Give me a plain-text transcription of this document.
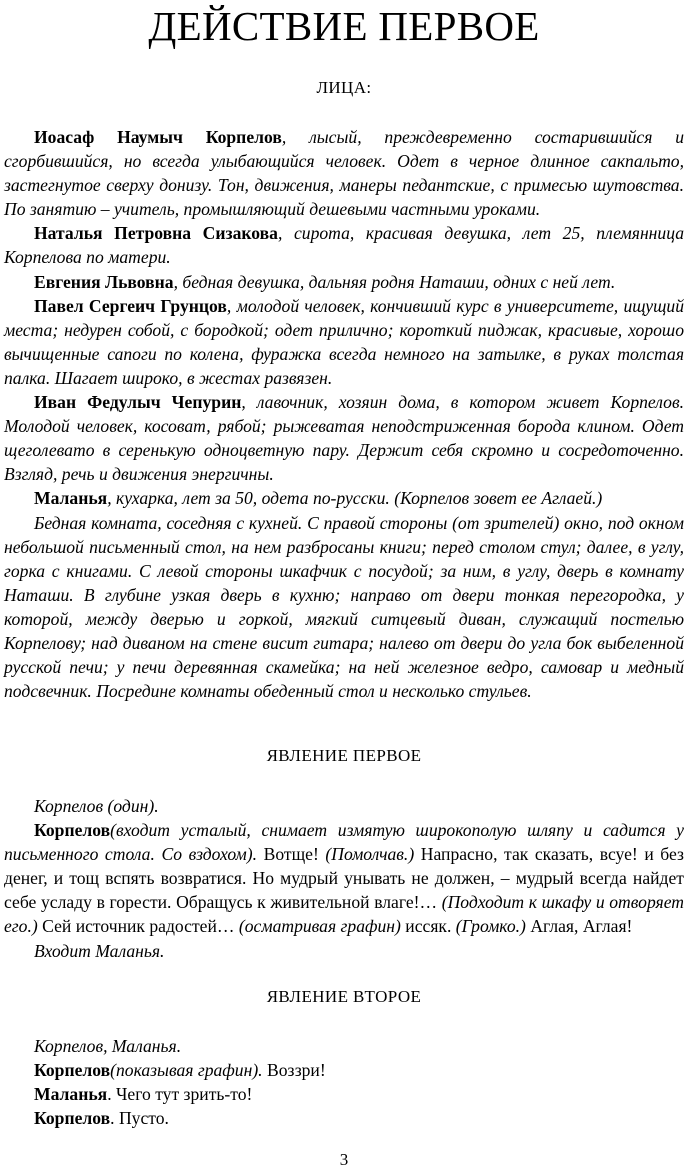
ДЕЙСТВИЕ ПЕРВОЕ
ЛИЦА:

Иоасаф Наумыч Корпелов, лысый, преждевременно состарившийся и сгорбившийся, но всегда улыбающийся человек. Одет в черное длинное сакпальто, застегнутое сверху донизу. Тон, движения, манеры педантские, с примесью шутовства. По занятию – учитель, промышляющий дешевыми частными уроками.

Наталья Петровна Сизакова, сирота, красивая девушка, лет 25, племянница Корпелова по матери.

Евгения Львовна, бедная девушка, дальняя родня Наташи, одних с ней лет.

Павел Сергеич Грунцов, молодой человек, кончивший курс в университете, ищущий места; недурен собой, с бородкой; одет прилично; короткий пиджак, красивые, хорошо вычищенные сапоги по колена, фуражка всегда немного на затылке, в руках толстая палка. Шагает широко, в жестах развязен.

Иван Федулыч Чепурин, лавочник, хозяин дома, в котором живет Корпелов. Молодой человек, косоват, рябой; рыжеватая неподстриженная борода клином. Одет щеголевато в серенькую одноцветную пару. Держит себя скромно и сосредоточенно. Взгляд, речь и движения энергичны.

Маланья, кухарка, лет за 50, одета по-русски. (Корпелов зовет ее Аглаей.)

Бедная комната, соседняя с кухней. С правой стороны (от зрителей) окно, под окном небольшой письменный стол, на нем разбросаны книги; перед столом стул; далее, в углу, горка с книгами. С левой стороны шкафчик с посудой; за ним, в углу, дверь в комнату Наташи. В глубине узкая дверь в кухню; направо от двери тонкая перегородка, у которой, между дверью и горкой, мягкий ситцевый диван, служащий постелью Корпелову; над диваном на стене висит гитара; налево от двери до угла бок выбеленной русской печи; у печи деревянная скамейка; на ней железное ведро, самовар и медный подсвечник. Посредине комнаты обеденный стол и несколько стульев.

ЯВЛЕНИЕ ПЕРВОЕ

Корпелов (один).

Корпелов(входит усталый, снимает измятую широкополую шляпу и садится у письменного стола. Со вздохом). Вотще! (Помолчав.) Напрасно, так сказать, всуе! и без денег, и тощ вспять возвратися. Но мудрый унывать не должен, – мудрый всегда найдет себе усладу в горести. Обращусь к живительной влаге!… (Подходит к шкафу и отворяет его.) Сей источник радостей… (осматривая графин) иссяк. (Громко.) Аглая, Аглая!

Входит Маланья.

ЯВЛЕНИЕ ВТОРОЕ

Корпелов, Маланья.

Корпелов(показывая графин). Воззри!

Маланья. Чего тут зрить-то!

Корпелов. Пусто.

3
